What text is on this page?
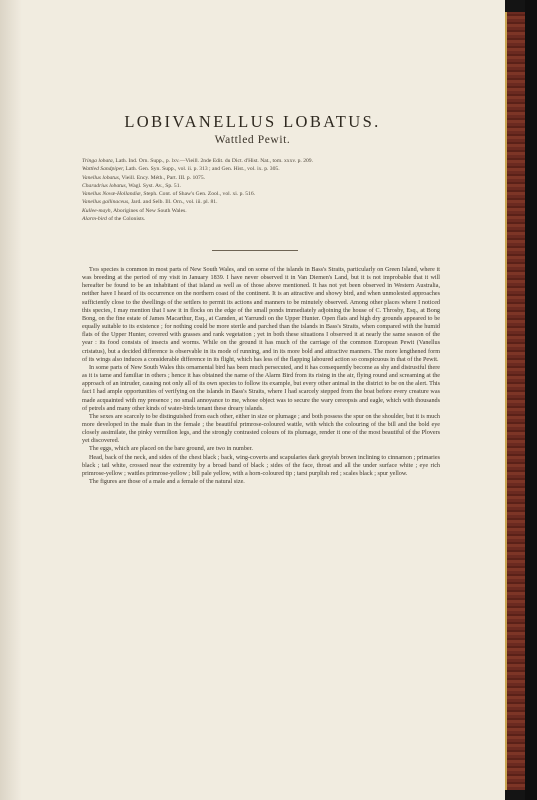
LOBIVANELLUS LOBATUS.
Wattled Pewit.
Tringa lobata, Lath. Ind. Orn. Supp., p. lxv.—Vieill. 2nde Edit. du Dict. d'Hist. Nat., tom. xxxv. p. 209.
Wattled Sandpiper, Lath. Gen. Syn. Supp., vol. ii. p. 313 ; and Gen. Hist., vol. ix. p. 305.
Vanellus lobatus, Vieill. Ency. Méth., Part. III. p. 1075.
Charadrius lobatus, Wagl. Syst. Av., Sp. 51.
Vanellus Novæ-Hollandiæ, Steph. Cont. of Shaw's Gen. Zool., vol. xi. p. 516.
Vanellus gallinaceus, Jard. and Selb. Ill. Orn., vol. iii. pl. 81.
Kullee-mayh, Aborigines of New South Wales.
Alarm-bird of the Colonists.

This species is common in most parts of New South Wales, and on some of the islands in Bass's Straits, particularly on Green Island, where it was breeding at the period of my visit in January 1839. I have never observed it in Van Diemen's Land, but it is not improbable that it will hereafter be found to be an inhabitant of that island as well as of those above mentioned. It has not yet been observed in Western Australia, neither have I heard of its occurrence on the northern coast of the continent. It is an attractive and showy bird, and when unmolested approaches sufficiently close to the dwellings of the settlers to permit its actions and manners to be minutely observed. Among other places where I noticed this species, I may mention that I saw it in flocks on the edge of the small ponds immediately adjoining the house of C. Throsby, Esq., at Bong Bong, on the fine estate of James Macarthur, Esq., at Camden, at Yarrundi on the Upper Hunter. Open flats and high dry grounds appeared to be equally suitable to its existence ; for nothing could be more sterile and parched than the islands in Bass's Straits, when compared with the humid flats of the Upper Hunter, covered with grasses and rank vegetation ; yet in both these situations I observed it at nearly the same season of the year : its food consists of insects and worms. While on the ground it has much of the carriage of the common European Pewit (Vanellus cristatus), but a decided difference is observable in its mode of running, and in its more bold and attractive manners. The more lengthened form of its wings also induces a considerable difference in its flight, which has less of the flapping laboured action so conspicuous in that of the Pewit.

In some parts of New South Wales this ornamental bird has been much persecuted, and it has consequently become as shy and distrustful there as it is tame and familiar in others ; hence it has obtained the name of the Alarm Bird from its rising in the air, flying round and screaming at the approach of an intruder, causing not only all of its own species to follow its example, but every other animal in the district to be on the alert. This fact I had ample opportunities of verifying on the islands in Bass's Straits, where I had scarcely stepped from the boat before every creature was made acquainted with my presence ; no small annoyance to me, whose object was to secure the wary cereopsis and eagle, which with thousands of petrels and many other kinds of water-birds tenant these dreary islands.

The sexes are scarcely to be distinguished from each other, either in size or plumage ; and both possess the spur on the shoulder, but it is much more developed in the male than in the female ; the beautiful primrose-coloured wattle, with which the colouring of the bill and the bold eye closely assimilate, the pinky vermilion legs, and the strongly contrasted colours of its plumage, render it one of the most beautiful of the Plovers yet discovered.

The eggs, which are placed on the bare ground, are two in number.

Head, back of the neck, and sides of the chest black ; back, wing-coverts and scapularies dark greyish brown inclining to cinnamon ; primaries black ; tail white, crossed near the extremity by a broad band of black ; sides of the face, throat and all the under surface white ; eye rich primrose-yellow ; wattles primrose-yellow ; bill pale yellow, with a horn-coloured tip ; tarsi purplish red ; scales black ; spur yellow.

The figures are those of a male and a female of the natural size.
